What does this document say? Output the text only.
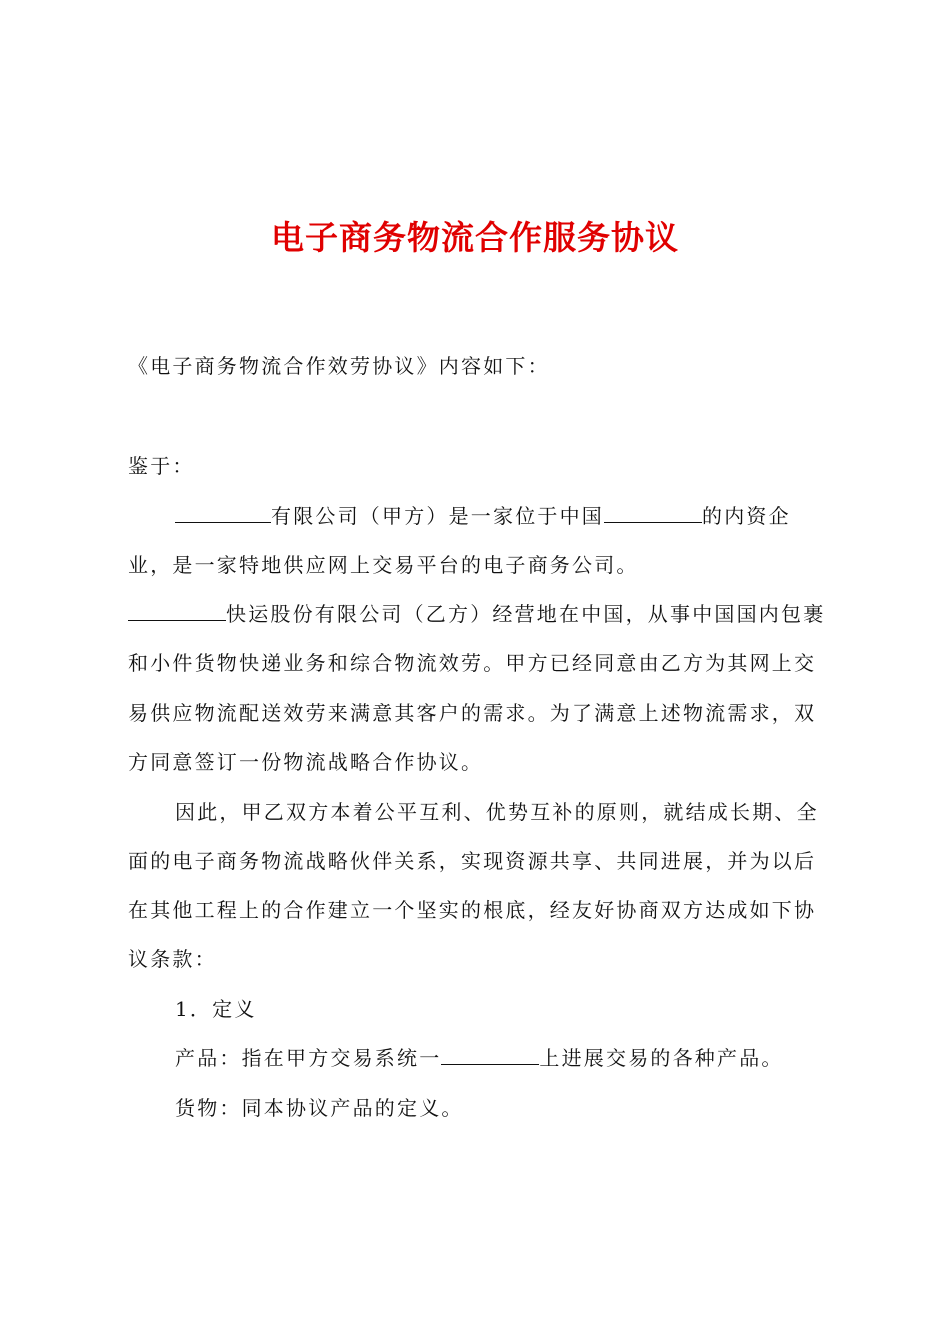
电子商务物流合作服务协议
《电子商务物流合作效劳协议》内容如下：
鉴于：
有限公司（甲方）是一家位于中国	的内资企
业，是一家特地供应网上交易平台的电子商务公司。
快运股份有限公司（乙方）经营地在中国，从事中国国内包裹
和小件货物快递业务和综合物流效劳。甲方已经同意由乙方为其网上交
易供应物流配送效劳来满意其客户的需求。为了满意上述物流需求，双
方同意签订一份物流战略合作协议。
因此，甲乙双方本着公平互利、优势互补的原则，就结成长期、全
面的电子商务物流战略伙伴关系，实现资源共享、共同进展，并为以后
在其他工程上的合作建立一个坚实的根底，经友好协商双方达成如下协
议条款：
1．定义
产品：指在甲方交易系统一	上进展交易的各种产品。
货物：同本协议产品的定义。
